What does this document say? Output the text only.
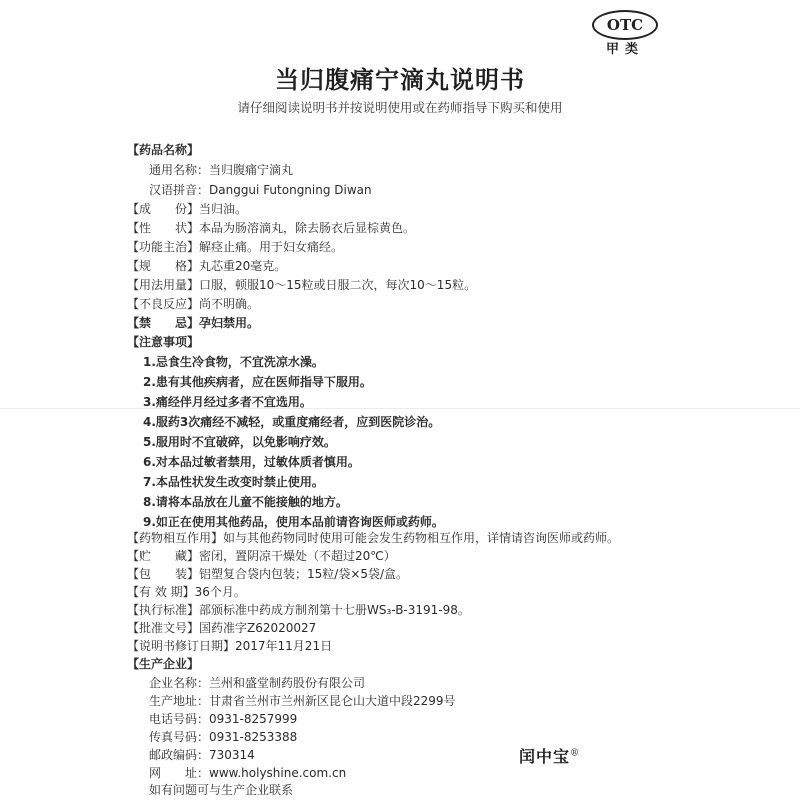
OTC
甲类
当归腹痛宁滴丸说明书
请仔细阅读说明书并按说明使用或在药师指导下购买和使用
【药品名称】
通用名称：当归腹痛宁滴丸
汉语拼音：Danggui Futongning Diwan
【成　　份】当归油。
【性　　状】本品为肠溶滴丸，除去肠衣后显棕黄色。
【功能主治】解痉止痛。用于妇女痛经。
【规　　格】丸芯重20毫克。
【用法用量】口服，顿服10～15粒或日服二次，每次10～15粒。
【不良反应】尚不明确。
【禁　　忌】孕妇禁用。
【注意事项】
1.忌食生冷食物，不宜洗凉水澡。
2.患有其他疾病者，应在医师指导下服用。
3.痛经伴月经过多者不宜选用。
4.服药3次痛经不减轻，或重度痛经者，应到医院诊治。
5.服用时不宜破碎，以免影响疗效。
6.对本品过敏者禁用，过敏体质者慎用。
7.本品性状发生改变时禁止使用。
8.请将本品放在儿童不能接触的地方。
9.如正在使用其他药品，使用本品前请咨询医师或药师。
【药物相互作用】如与其他药物同时使用可能会发生药物相互作用，详情请咨询医师或药师。
【贮　　藏】密闭，置阴凉干燥处（不超过20℃）
【包　　装】铝塑复合袋内包装；15粒/袋×5袋/盒。
【有 效 期】36个月。
【执行标准】部颁标准中药成方制剂第十七册WS₃-B-3191-98。
【批准文号】国药准字Z62020027
【说明书修订日期】2017年11月21日
【生产企业】
企业名称：兰州和盛堂制药股份有限公司
生产地址：甘肃省兰州市兰州新区昆仑山大道中段2299号
电话号码：0931-8257999
传真号码：0931-8253388
邮政编码：730314
网　　址：www.holyshine.com.cn
闰中宝®
如有问题可与生产企业联系
